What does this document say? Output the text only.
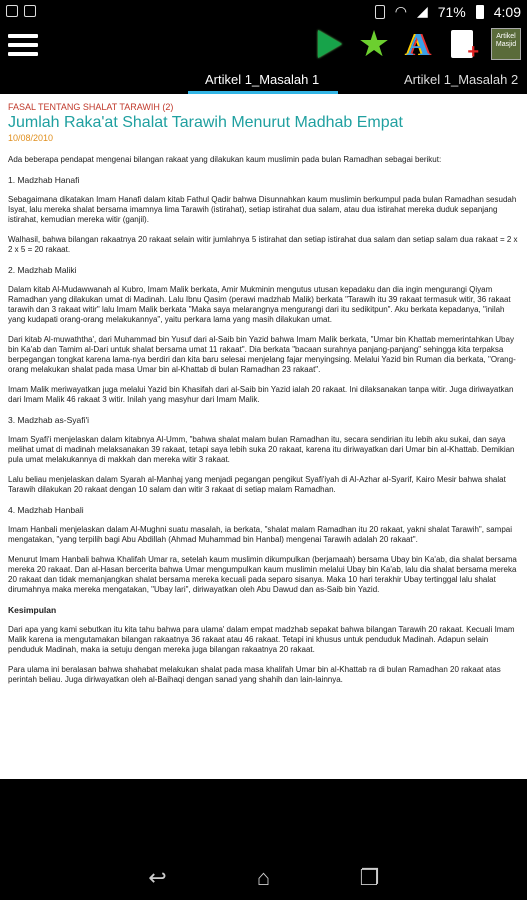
◠ ◢ 71% 4:09
★ A
+	Artikel Masjid
Artikel 1_Masalah 1	Artikel 1_Masalah 2
FASAL TENTANG SHALAT TARAWIH (2)
Jumlah Raka'at Shalat Tarawih Menurut Madhab Empat
10/08/2010
Ada beberapa pendapat mengenai bilangan rakaat yang dilakukan kaum muslimin pada bulan Ramadhan sebagai berikut:
1. Madzhab Hanafi
Sebagaimana dikatakan Imam Hanafi dalam kitab Fathul Qadir bahwa Disunnahkan kaum muslimin berkumpul pada bulan Ramadhan sesudah Isyat, lalu mereka shalat bersama imamnya lima Tarawih (istirahat), setiap istirahat dua salam, atau dua istirahat mereka duduk sepanjang istirahat, kemudian mereka witir (ganjil).
Walhasil, bahwa bilangan rakaatnya 20 rakaat selain witir jumlahnya 5 istirahat dan setiap istirahat dua salam dan setiap salam dua rakaat = 2 x 2 x 5 = 20 rakaat.
2. Madzhab Maliki
Dalam kitab Al-Mudawwanah al Kubro, Imam Malik berkata, Amir Mukminin mengutus utusan kepadaku dan dia ingin mengurangi Qiyam Ramadhan yang dilakukan umat di Madinah. Lalu Ibnu Qasim (perawi madzhab Malik) berkata "Tarawih itu 39 rakaat termasuk witir, 36 rakaat tarawih dan 3 rakaat witir" lalu Imam Malik berkata "Maka saya melarangnya mengurangi dari itu sedikitpun". Aku berkata kepadanya, "inilah yang kudapati orang-orang melakukannya", yaitu perkara lama yang masih dilakukan umat.
Dari kitab Al-muwaththa', dari Muhammad bin Yusuf dari al-Saib bin Yazid bahwa Imam Malik berkata, "Umar bin Khattab memerintahkan Ubay bin Ka'ab dan Tamim al-Dari untuk shalat bersama umat 11 rakaat". Dia berkata "bacaan surahnya panjang-panjang" sehingga kita terpaksa berpegangan tongkat karena lama-nya berdiri dan kita baru selesai menjelang fajar menyingsing. Melalui Yazid bin Ruman dia berkata, "Orang-orang melakukan shalat pada masa Umar bin al-Khattab di bulan Ramadhan 23 rakaat".
Imam Malik meriwayatkan juga melalui Yazid bin Khasifah dari al-Saib bin Yazid ialah 20 rakaat. Ini dilaksanakan tanpa witir. Juga diriwayatkan dari Imam Malik 46 rakaat 3 witir. Inilah yang masyhur dari Imam Malik.
3. Madzhab as-Syafi'i
Imam Syafi'i menjelaskan dalam kitabnya Al-Umm, "bahwa shalat malam bulan Ramadhan itu, secara sendirian itu lebih aku sukai, dan saya melihat umat di madinah melaksanakan 39 rakaat, tetapi saya lebih suka 20 rakaat, karena itu diriwayatkan dari Umar bin al-Khattab. Demikian pula umat melakukannya di makkah dan mereka witir 3 rakaat.
Lalu beliau menjelaskan dalam Syarah al-Manhaj yang menjadi pegangan pengikut Syafi'iyah di Al-Azhar al-Syarif, Kairo Mesir bahwa shalat Tarawih dilakukan 20 rakaat dengan 10 salam dan witir 3 rakaat di setiap malam Ramadhan.
4. Madzhab Hanbali
Imam Hanbali menjelaskan dalam Al-Mughni suatu masalah, ia berkata, "shalat malam Ramadhan itu 20 rakaat, yakni shalat Tarawih", sampai mengatakan, "yang terpilih bagi Abu Abdillah (Ahmad Muhammad bin Hanbal) mengenai Tarawih adalah 20 rakaat".
Menurut Imam Hanbali bahwa Khalifah Umar ra, setelah kaum muslimin dikumpulkan (berjamaah) bersama Ubay bin Ka'ab, dia shalat bersama mereka 20 rakaat. Dan al-Hasan bercerita bahwa Umar mengumpulkan kaum muslimin melalui Ubay bin Ka'ab, lalu dia shalat bersama mereka 20 rakaat dan tidak memanjangkan shalat bersama mereka kecuali pada separo sisanya. Maka 10 hari terakhir Ubay tertinggal lalu shalat dirumahnya maka mereka mengatakan, "Ubay lari", diriwayatkan oleh Abu Dawud dan as-Saib bin Yazid.
Kesimpulan
Dari apa yang kami sebutkan itu kita tahu bahwa para ulama' dalam empat madzhab sepakat bahwa bilangan Tarawih 20 rakaat. Kecuali Imam Malik karena ia mengutamakan bilangan rakaatnya 36 rakaat atau 46 rakaat. Tetapi ini khusus untuk penduduk Madinah. Adapun selain penduduk Madinah, maka ia setuju dengan mereka juga bilangan rakaatnya 20 rakaat.
Para ulama ini beralasan bahwa shahabat melakukan shalat pada masa khalifah Umar bin al-Khattab ra di bulan Ramadhan 20 rakaat atas perintah beliau. Juga diriwayatkan oleh al-Baihaqi dengan sanad yang shahih dan lain-lainnya.
↩	⌂	❐
